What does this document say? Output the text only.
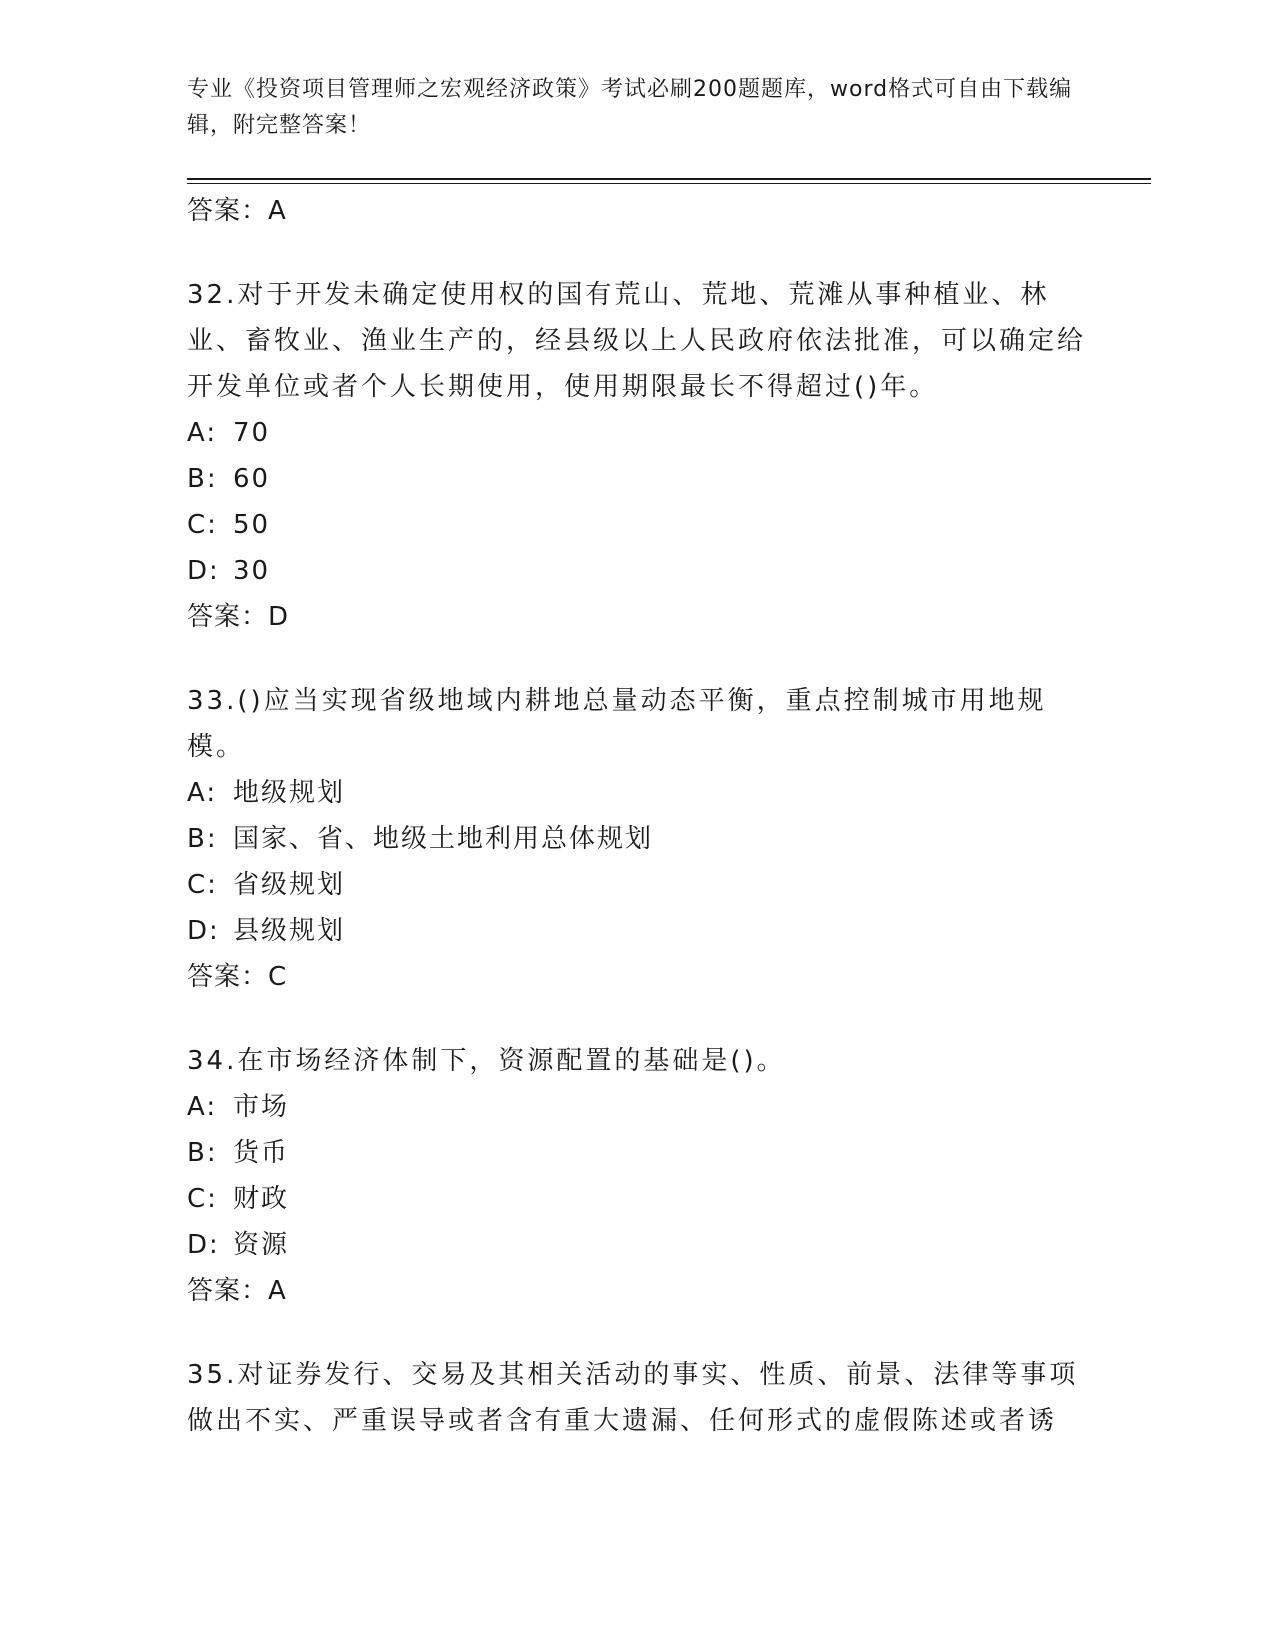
专业《投资项目管理师之宏观经济政策》考试必刷200题题库，word格式可自由下载编辑，附完整答案！

答案：A

32.对于开发未确定使用权的国有荒山、荒地、荒滩从事种植业、林业、畜牧业、渔业生产的，经县级以上人民政府依法批准，可以确定给开发单位或者个人长期使用，使用期限最长不得超过()年。

A: 70

B: 60

C: 50

D: 30

答案：D

33.()应当实现省级地域内耕地总量动态平衡，重点控制城市用地规模。

A: 地级规划

B: 国家、省、地级土地利用总体规划

C: 省级规划

D: 县级规划

答案：C

34.在市场经济体制下，资源配置的基础是()。

A: 市场

B: 货币

C: 财政

D: 资源

答案：A

35.对证券发行、交易及其相关活动的事实、性质、前景、法律等事项做出不实、严重误导或者含有重大遗漏、任何形式的虚假陈述或者诱
